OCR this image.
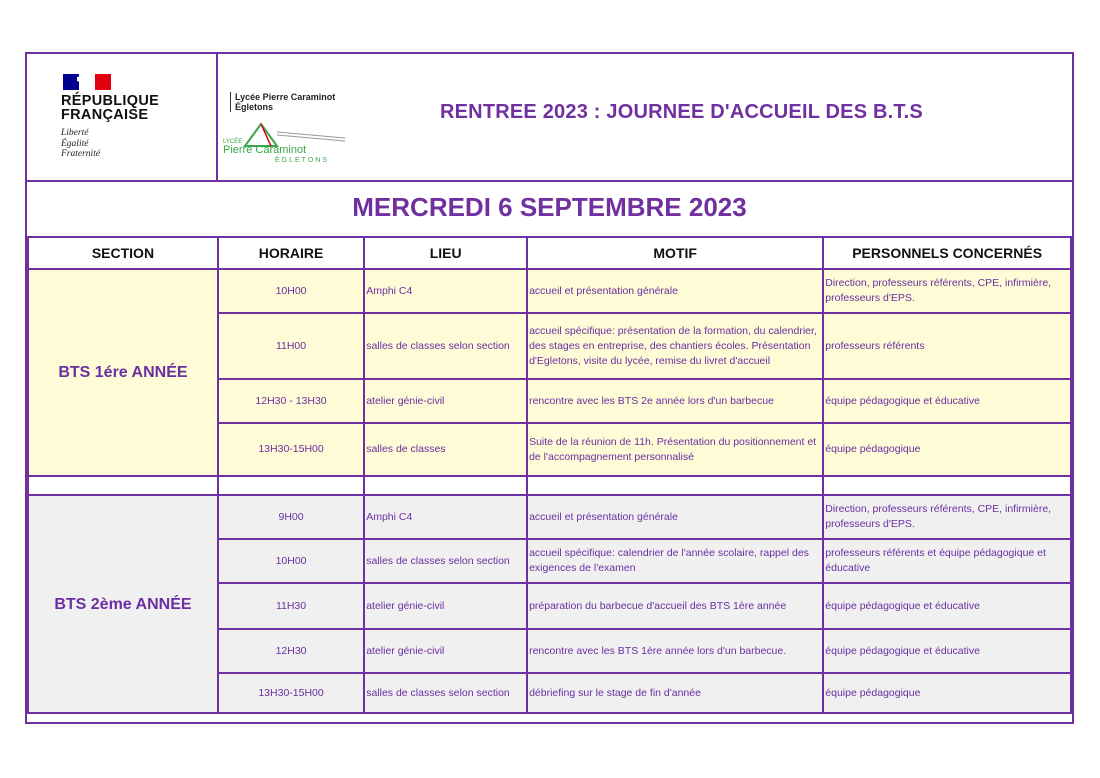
RÉPUBLIQUE
FRANÇAISE
Liberté
Égalité
Fraternité
Lycée Pierre Caraminot
Égletons
LYCÉE
Pierre Caraminot
ÉGLETONS
RENTREE 2023 : JOURNEE D'ACCUEIL DES B.T.S
MERCREDI 6 SEPTEMBRE 2023
SECTION	HORAIRE	LIEU	MOTIF	PERSONNELS CONCERNÉS
BTS 1ére ANNÉE	10H00	Amphi C4	accueil et présentation générale	Direction, professeurs référents, CPE, infirmière, professeurs d'EPS.
	11H00	salles de classes selon section	accueil spécifique: présentation de la formation, du calendrier, des stages en entreprise, des chantiers écoles. Présentation d'Egletons, visite du lycée, remise du livret d'accueil	professeurs référents
	12H30 - 13H30	atelier génie-civil	rencontre avec les BTS 2e année lors d'un barbecue	équipe pédagogique et éducative
	13H30-15H00	salles de classes	Suite de la réunion de 11h. Présentation du positionnement et de l'accompagnement personnalisé	équipe pédagogique

BTS 2ème ANNÉE	9H00	Amphi C4	accueil et présentation générale	Direction, professeurs référents, CPE, infirmière, professeurs d'EPS.
	10H00	salles de classes selon section	accueil spécifique: calendrier de l'année scolaire, rappel des exigences de l'examen	professeurs référents et équipe pédagogique et éducative
	11H30	atelier génie-civil	préparation du barbecue d'accueil des BTS 1ère année	équipe pédagogique et éducative
	12H30	atelier génie-civil	rencontre avec les BTS 1ère année lors d'un barbecue.	équipe pédagogique et éducative
	13H30-15H00	salles de classes selon section	débriefing sur le stage de fin d'année	équipe pédagogique
